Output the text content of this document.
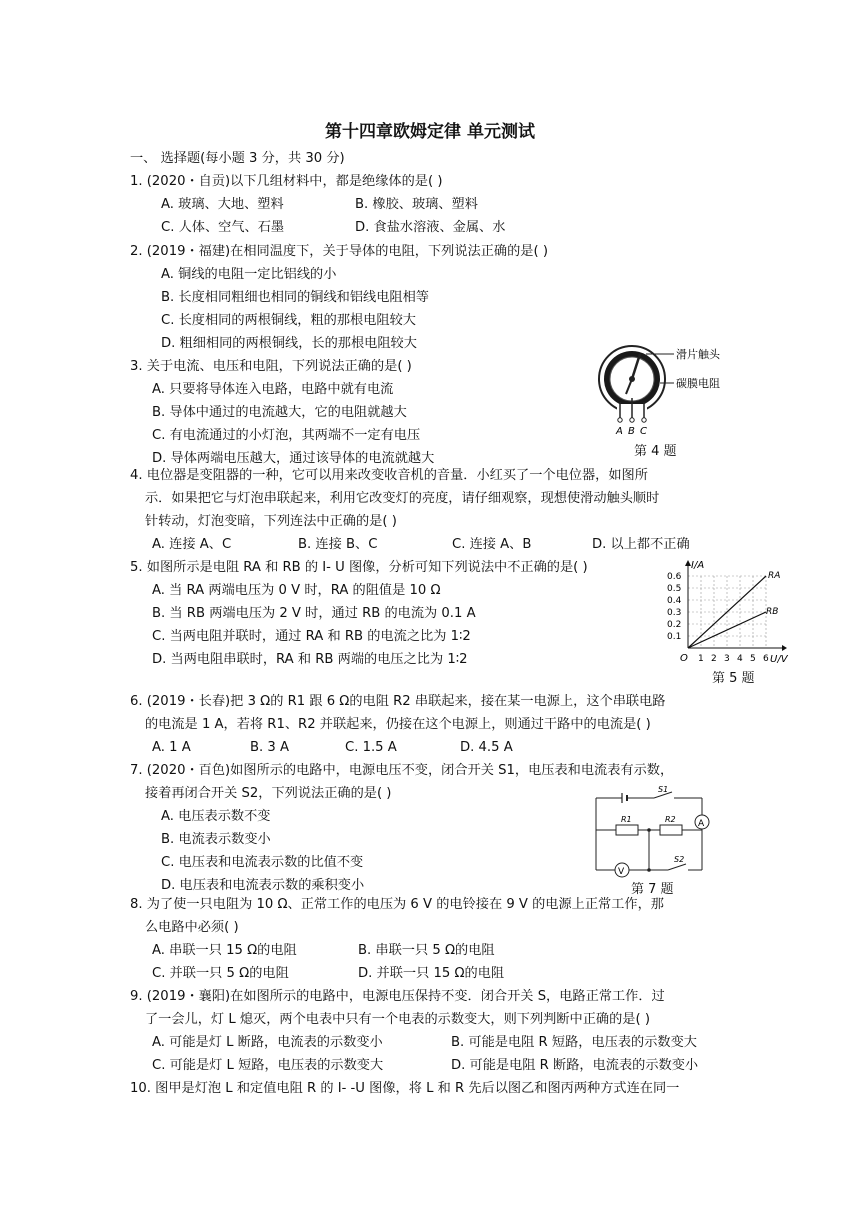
第十四章欧姆定律 单元测试
一、 选择题(每小题 3 分，共 30 分)
1. (2020・自贡)以下几组材料中，都是绝缘体的是( )
A. 玻璃、大地、塑料	B. 橡胶、玻璃、塑料
C. 人体、空气、石墨	D. 食盐水溶液、金属、水
2. (2019・福建)在相同温度下，关于导体的电阻，下列说法正确的是( )
A. 铜线的电阻一定比铝线的小
B. 长度相同粗细也相同的铜线和铝线电阻相等
C. 长度相同的两根铜线，粗的那根电阻较大
D. 粗细相同的两根铜线，长的那根电阻较大
3. 关于电流、电压和电阻，下列说法正确的是( )
A. 只要将导体连入电路，电路中就有电流
B. 导体中通过的电流越大，它的电阻就越大
C. 有电流通过的小灯泡，其两端不一定有电压
D. 导体两端电压越大，通过该导体的电流就越大
滑片触头
碳膜电阻
A B C
第 4 题
4. 电位器是变阻器的一种，它可以用来改变收音机的音量．小红买了一个电位器，如图所
示．如果把它与灯泡串联起来，利用它改变灯的亮度，请仔细观察，现想使滑动触头顺时
针转动，灯泡变暗，下列连法中正确的是( )
A. 连接 A、C	B. 连接 B、C	C. 连接 A、B	D. 以上都不正确
5. 如图所示是电阻 RA 和 RB 的 I- U 图像，分析可知下列说法中不正确的是( )
A. 当 RA 两端电压为 0 V 时，RA 的阻值是 10 Ω
B. 当 RB 两端电压为 2 V 时，通过 RB 的电流为 0.1 A
C. 当两电阻并联时，通过 RA 和 RB 的电流之比为 1∶2
D. 当两电阻串联时，RA 和 RB 两端的电压之比为 1∶2
I/A
U/V
O
0.6
0.5
0.4
0.3
0.2
0.1
1 2 3 4 5 6
RA
RB
第 5 题
6. (2019・长春)把 3 Ω的 R1 跟 6 Ω的电阻 R2 串联起来，接在某一电源上，这个串联电路
的电流是 1 A，若将 R1、R2 并联起来，仍接在这个电源上，则通过干路中的电流是( )
A. 1 A	B. 3 A	C. 1.5 A	D. 4.5 A
7. (2020・百色)如图所示的电路中，电源电压不变，闭合开关 S1，电压表和电流表有示数，
接着再闭合开关 S2，下列说法正确的是( )
A. 电压表示数不变
B. 电流表示数变小
C. 电压表和电流表示数的比值不变
D. 电压表和电流表示数的乘积变小
A
V
S1
S2
R1	R2
第 7 题
8. 为了使一只电阻为 10 Ω、正常工作的电压为 6 V 的电铃接在 9 V 的电源上正常工作，那
么电路中必须( )
A. 串联一只 15 Ω的电阻	B. 串联一只 5 Ω的电阻
C. 并联一只 5 Ω的电阻	D. 并联一只 15 Ω的电阻
9. (2019・襄阳)在如图所示的电路中，电源电压保持不变．闭合开关 S，电路正常工作．过
了一会儿，灯 L 熄灭，两个电表中只有一个电表的示数变大，则下列判断中正确的是( )
A. 可能是灯 L 断路，电流表的示数变小	B. 可能是电阻 R 短路，电压表的示数变大
C. 可能是灯 L 短路，电压表的示数变大	D. 可能是电阻 R 断路，电流表的示数变小
10. 图甲是灯泡 L 和定值电阻 R 的 I- -U 图像，将 L 和 R 先后以图乙和图丙两种方式连在同一
